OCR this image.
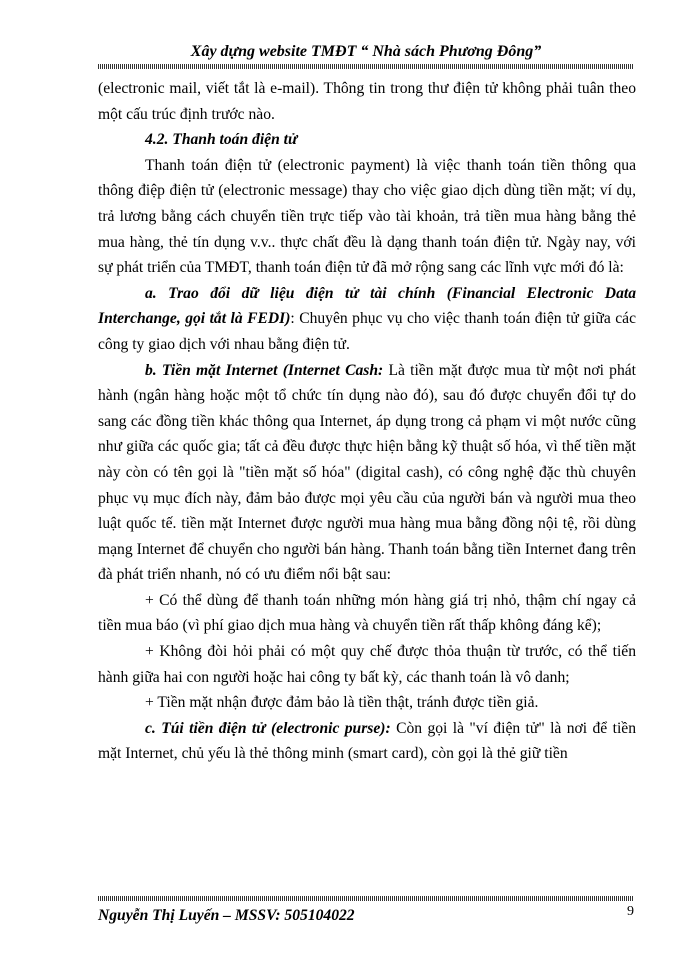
Xây dựng website TMĐT “ Nhà sách Phương Đông”

(electronic mail, viết tắt là e-mail). Thông tin trong thư điện tử không phải tuân theo một cấu trúc định trước nào.

4.2. Thanh toán điện tử

Thanh toán điện tử (electronic payment) là việc thanh toán tiền thông qua thông điệp điện tử (electronic message) thay cho việc giao dịch dùng tiền mặt; ví dụ, trả lương bằng cách chuyển tiền trực tiếp vào tài khoản, trả tiền mua hàng bằng thẻ mua hàng, thẻ tín dụng v.v.. thực chất đều là dạng thanh toán điện tử. Ngày nay, với sự phát triển của TMĐT, thanh toán điện tử đã mở rộng sang các lĩnh vực mới đó là:

a. Trao đổi dữ liệu điện tử tài chính (Financial Electronic Data Interchange, gọi tắt là FEDI): Chuyên phục vụ cho việc thanh toán điện tử giữa các công ty giao dịch với nhau bằng điện tử.

b. Tiền mặt Internet (Internet Cash: Là tiền mặt được mua từ một nơi phát hành (ngân hàng hoặc một tổ chức tín dụng nào đó), sau đó được chuyển đổi tự do sang các đồng tiền khác thông qua Internet, áp dụng trong cả phạm vi một nước cũng như giữa các quốc gia; tất cả đều được thực hiện bằng kỹ thuật số hóa, vì thế tiền mặt này còn có tên gọi là "tiền mặt số hóa" (digital cash), có công nghệ đặc thù chuyên phục vụ mục đích này, đảm bảo được mọi yêu cầu của người bán và người mua theo luật quốc tế. tiền mặt Internet được người mua hàng mua bằng đồng nội tệ, rồi dùng mạng Internet để chuyển cho người bán hàng. Thanh toán bằng tiền Internet đang trên đà phát triển nhanh, nó có ưu điểm nổi bật sau:

+ Có thể dùng để thanh toán những món hàng giá trị nhỏ, thậm chí ngay cả tiền mua báo (vì phí giao dịch mua hàng và chuyển tiền rất thấp không đáng kể);

+ Không đòi hỏi phải có một quy chế được thỏa thuận từ trước, có thể tiến hành giữa hai con người hoặc hai công ty bất kỳ, các thanh toán là vô danh;

+ Tiền mặt nhận được đảm bảo là tiền thật, tránh được tiền giả.

c. Túi tiền điện tử (electronic purse): Còn gọi là "ví điện tử" là nơi để tiền mặt Internet, chủ yếu là thẻ thông minh (smart card), còn gọi là thẻ giữ tiền

Nguyễn Thị Luyến – MSSV: 505104022	9
